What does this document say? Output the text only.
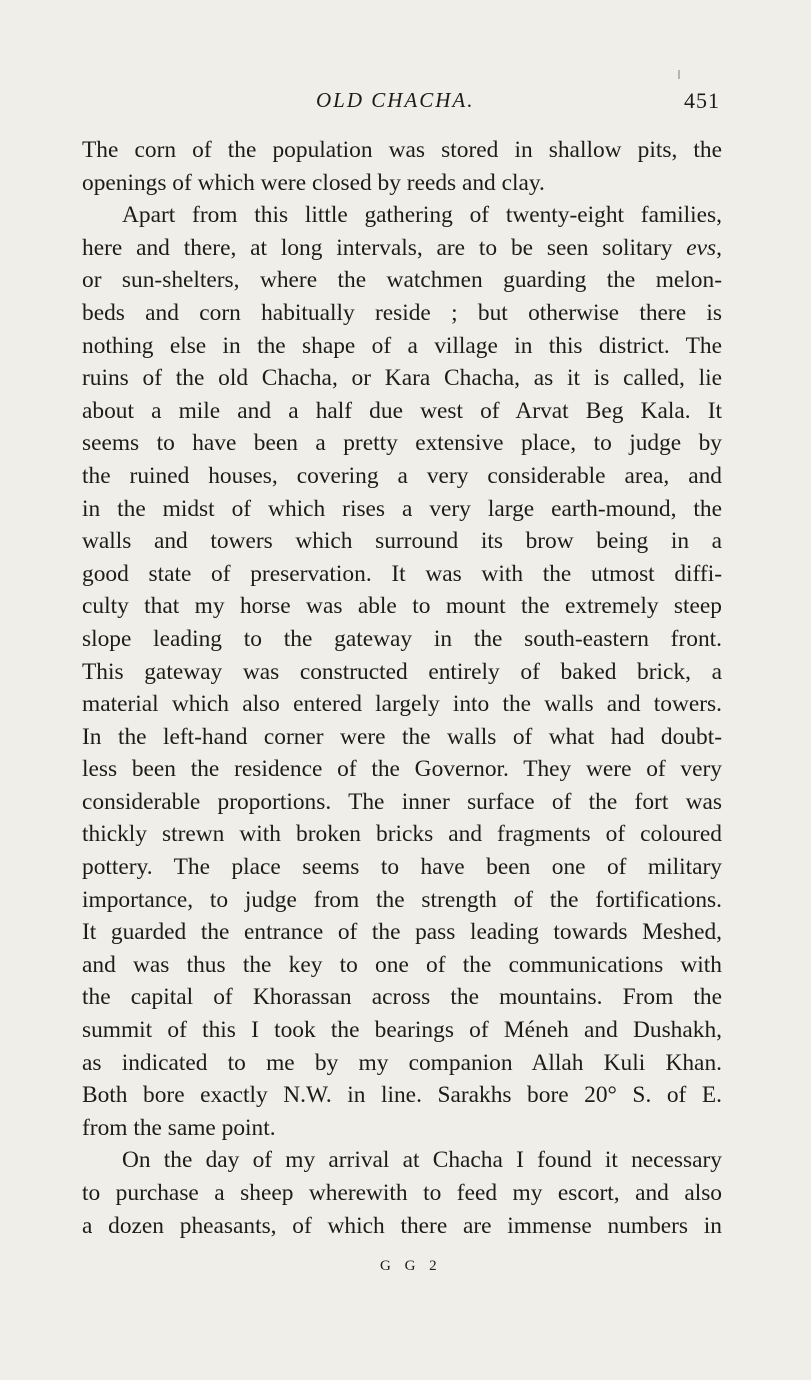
OLD CHACHA.	451
The corn of the population was stored in shallow pits, the
openings of which were closed by reeds and clay.
Apart from this little gathering of twenty-eight families,
here and there, at long intervals, are to be seen solitary evs,
or sun-shelters, where the watchmen guarding the melon-
beds and corn habitually reside ; but otherwise there is
nothing else in the shape of a village in this district. The
ruins of the old Chacha, or Kara Chacha, as it is called, lie
about a mile and a half due west of Arvat Beg Kala. It
seems to have been a pretty extensive place, to judge by
the ruined houses, covering a very considerable area, and
in the midst of which rises a very large earth-mound, the
walls and towers which surround its brow being in a
good state of preservation. It was with the utmost diffi-
culty that my horse was able to mount the extremely steep
slope leading to the gateway in the south-eastern front.
This gateway was constructed entirely of baked brick, a
material which also entered largely into the walls and towers.
In the left-hand corner were the walls of what had doubt-
less been the residence of the Governor. They were of very
considerable proportions. The inner surface of the fort was
thickly strewn with broken bricks and fragments of coloured
pottery. The place seems to have been one of military
importance, to judge from the strength of the fortifications.
It guarded the entrance of the pass leading towards Meshed,
and was thus the key to one of the communications with
the capital of Khorassan across the mountains. From the
summit of this I took the bearings of Méneh and Dushakh,
as indicated to me by my companion Allah Kuli Khan.
Both bore exactly N.W. in line. Sarakhs bore 20° S. of E.
from the same point.
On the day of my arrival at Chacha I found it necessary
to purchase a sheep wherewith to feed my escort, and also
a dozen pheasants, of which there are immense numbers in
G G 2
